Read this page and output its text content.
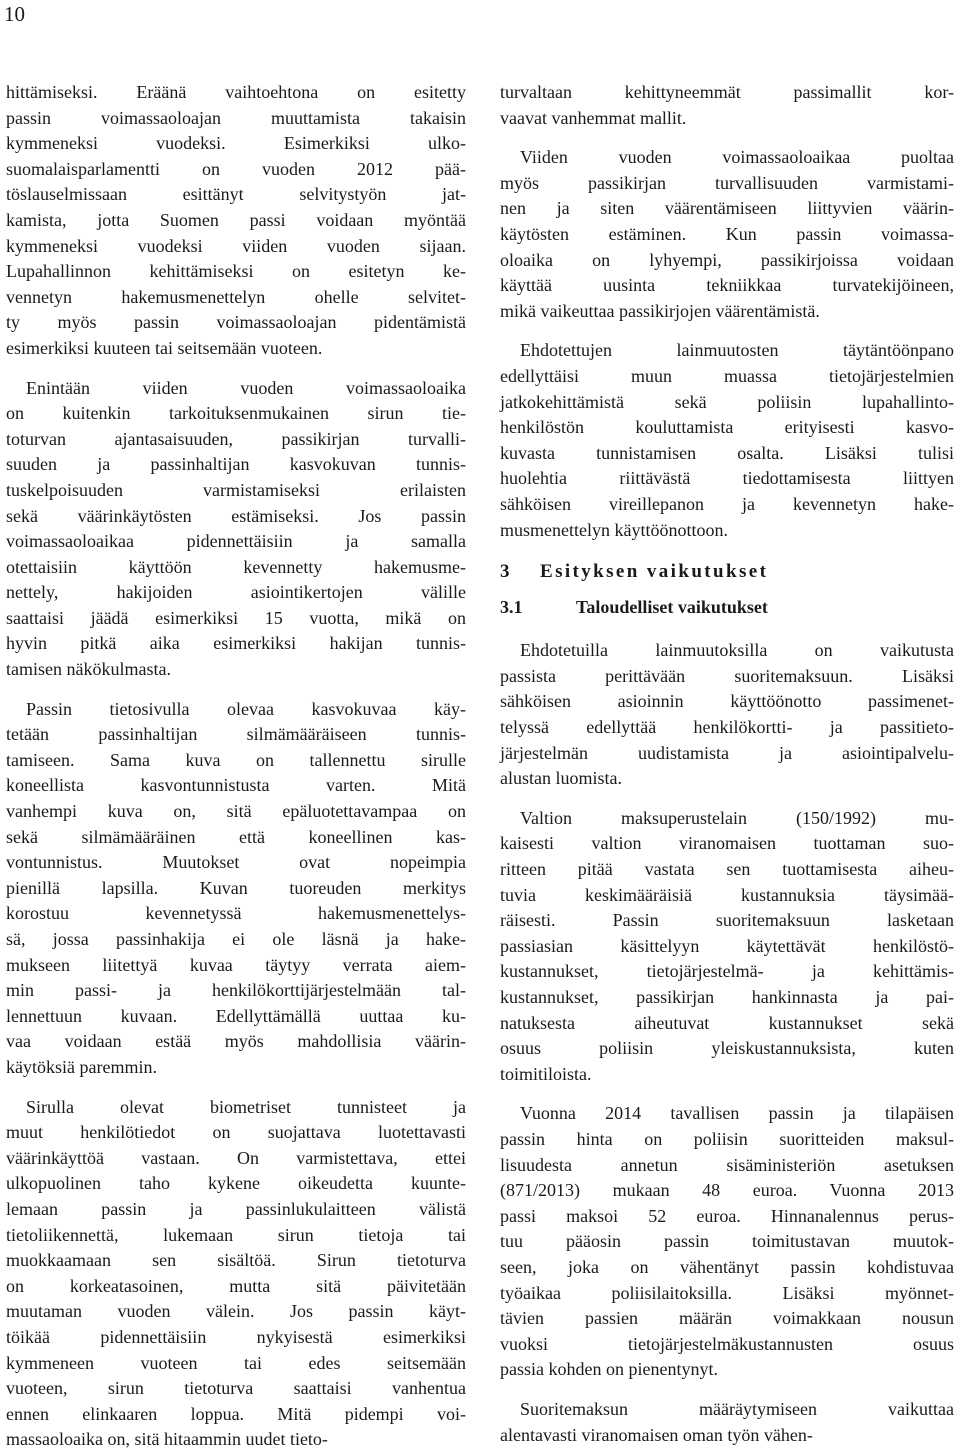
10
hittämiseksi. Eräänä vaihtoehtona on esitetty
passin voimassaoloajan muuttamista takaisin
kymmeneksi vuodeksi. Esimerkiksi ulko-
suomalaisparlamentti on vuoden 2012 pää-
töslauselmissaan esittänyt selvitystyön jat-
kamista, jotta Suomen passi voidaan myöntää
kymmeneksi vuodeksi viiden vuoden sijaan.
Lupahallinnon kehittämiseksi on esitetyn ke-
vennetyn hakemusmenettelyn ohelle selvitet-
ty myös passin voimassaoloajan pidentämistä
esimerkiksi kuuteen tai seitsemään vuoteen.
Enintään viiden vuoden voimassaoloaika
on kuitenkin tarkoituksenmukainen sirun tie-
toturvan ajantasaisuuden, passikirjan turvalli-
suuden ja passinhaltijan kasvokuvan tunnis-
tuskelpoisuuden varmistamiseksi erilaisten
sekä väärinkäytösten estämiseksi. Jos passin
voimassaoloaikaa pidennettäisiin ja samalla
otettaisiin käyttöön kevennetty hakemusme-
nettely, hakijoiden asiointikertojen välille
saattaisi jäädä esimerkiksi 15 vuotta, mikä on
hyvin pitkä aika esimerkiksi hakijan tunnis-
tamisen näkökulmasta.
Passin tietosivulla olevaa kasvokuvaa käy-
tetään passinhaltijan silmämääräiseen tunnis-
tamiseen. Sama kuva on tallennettu sirulle
koneellista kasvontunnistusta varten. Mitä
vanhempi kuva on, sitä epäluotettavampaa on
sekä silmämääräinen että koneellinen kas-
vontunnistus. Muutokset ovat nopeimpia
pienillä lapsilla. Kuvan tuoreuden merkitys
korostuu kevennetyssä hakemusmenettelys-
sä, jossa passinhakija ei ole läsnä ja hake-
mukseen liitettyä kuvaa täytyy verrata aiem-
min passi- ja henkilökorttijärjestelmään tal-
lennettuun kuvaan. Edellyttämällä uuttaa ku-
vaa voidaan estää myös mahdollisia väärin-
käytöksiä paremmin.
Sirulla olevat biometriset tunnisteet ja
muut henkilötiedot on suojattava luotettavasti
väärinkäyttöä vastaan. On varmistettava, ettei
ulkopuolinen taho kykene oikeudetta kuunte-
lemaan passin ja passinlukulaitteen välistä
tietoliikennettä, lukemaan sirun tietoja tai
muokkaamaan sen sisältöä. Sirun tietoturva
on korkeatasoinen, mutta sitä päivitetään
muutaman vuoden välein. Jos passin käyt-
töikää pidennettäisiin nykyisestä esimerkiksi
kymmeneen vuoteen tai edes seitsemään
vuoteen, sirun tietoturva saattaisi vanhentua
ennen elinkaaren loppua. Mitä pidempi voi-
massaoloaika on, sitä hitaammin uudet tieto-
turvaltaan kehittyneemmät passimallit kor-
vaavat vanhemmat mallit.
Viiden vuoden voimassaoloaikaa puoltaa
myös passikirjan turvallisuuden varmistami-
nen ja siten väärentämiseen liittyvien väärin-
käytösten estäminen. Kun passin voimassa-
oloaika on lyhyempi, passikirjoissa voidaan
käyttää uusinta tekniikkaa turvatekijöineen,
mikä vaikeuttaa passikirjojen väärentämistä.
Ehdotettujen lainmuutosten täytäntöönpano
edellyttäisi muun muassa tietojärjestelmien
jatkokehittämistä sekä poliisin lupahallinto-
henkilöstön kouluttamista erityisesti kasvo-
kuvasta tunnistamisen osalta. Lisäksi tulisi
huolehtia riittävästä tiedottamisesta liittyen
sähköisen vireillepanon ja kevennetyn hake-
musmenettelyn käyttöönottoon.
3 Esityksen vaikutukset
3.1	Taloudelliset vaikutukset
Ehdotetuilla lainmuutoksilla on vaikutusta
passista perittävään suoritemaksuun. Lisäksi
sähköisen asioinnin käyttöönotto passimenet-
telyssä edellyttää henkilökortti- ja passitieto-
järjestelmän uudistamista ja asiointipalvelu-
alustan luomista.
Valtion maksuperustelain (150/1992) mu-
kaisesti valtion viranomaisen tuottaman suo-
ritteen pitää vastata sen tuottamisesta aiheu-
tuvia keskimääräisiä kustannuksia täysimää-
räisesti. Passin suoritemaksuun lasketaan
passiasian käsittelyyn käytettävät henkilöstö-
kustannukset, tietojärjestelmä- ja kehittämis-
kustannukset, passikirjan hankinnasta ja pai-
natuksesta aiheutuvat kustannukset sekä
osuus poliisin yleiskustannuksista, kuten
toimitiloista.
Vuonna 2014 tavallisen passin ja tilapäisen
passin hinta on poliisin suoritteiden maksul-
lisuudesta annetun sisäministeriön asetuksen
(871/2013) mukaan 48 euroa. Vuonna 2013
passi maksoi 52 euroa. Hinnanalennus perus-
tuu pääosin passin toimitustavan muutok-
seen, joka on vähentänyt passin kohdistuvaa
työaikaa poliisilaitoksilla. Lisäksi myönnet-
tävien passien määrän voimakkaan nousun
vuoksi tietojärjestelmäkustannusten osuus
passia kohden on pienentynyt.
Suoritemaksun määräytymiseen vaikuttaa
alentavasti viranomaisen oman työn vähen-
